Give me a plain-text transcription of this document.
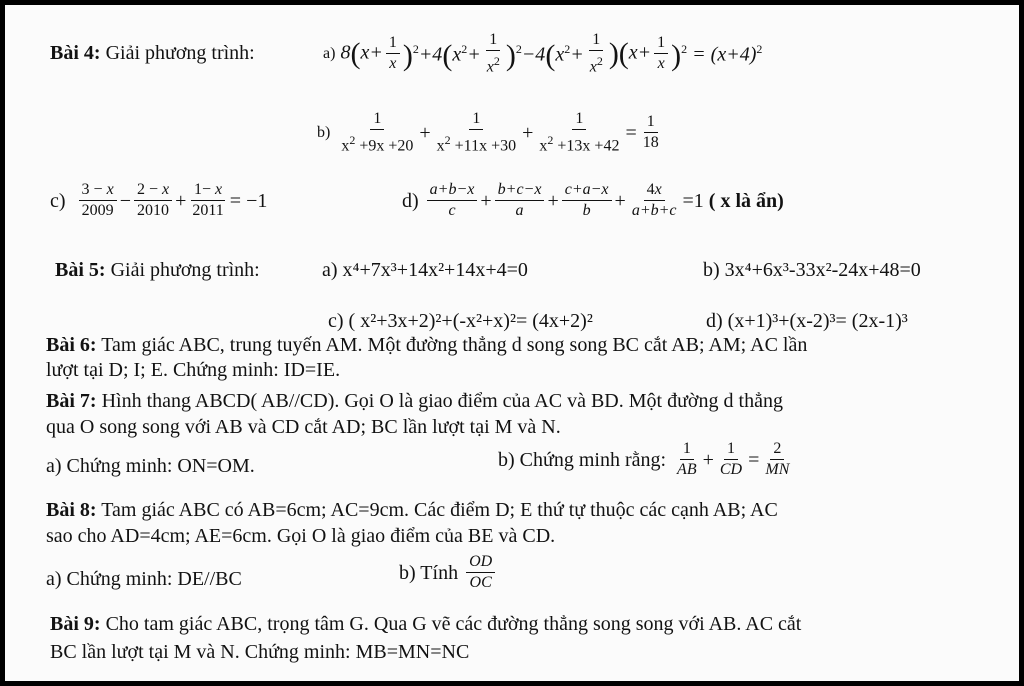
Bài 4: Giải phương trình:	a)
$8(x+ \frac{1}{x} )^2+4(x^2+ \frac{1}{x^2} )^2-4(x^2+ \frac{1}{x^2} )(x+ \frac{1}{x} )^2 = (x+4)^2$
b)

1
$x^2 +9x +20$
+
1
$x^2 +11x +30$
+
1
$x^2 +13x +42$
= 1
18
c)
3 − x
2009 − 2 − x
$2010 + \frac{1- x}{2011} = -1$	d)
a+b−x
c + b+c−x
a + c+a−x
$b + \frac{4x}{a+b+c} =1$ ( x là ẩn)
Bài 5: Giải phương trình:	a) x⁴+7x³+14x²+14x+4=0	b) 3x⁴+6x³-33x²-24x+48=0
c) ( x²+3x+2)²+(-x²+x)²= (4x+2)²	d) (x+1)³+(x-2)³= (2x-1)³
Bài 6: Tam giác ABC, trung tuyến AM. Một đường thẳng d song song BC cắt AB; AM; AC lần
lượt tại D; I; E. Chứng minh: ID=IE.
Bài 7: Hình thang ABCD( AB//CD). Gọi O là giao điểm của AC và BD. Một đường d thẳng
qua O song song với AB và CD cắt AD; BC lần lượt tại M và N.
a) Chứng minh: ON=OM.	b) Chứng minh rằng:
1
AB + 1
CD = 2
MN
Bài 8: Tam giác ABC có AB=6cm; AC=9cm. Các điểm D; E thứ tự thuộc các cạnh AB; AC
sao cho AD=4cm; AE=6cm. Gọi O là giao điểm của BE và CD.
a) Chứng minh: DE//BC	b) Tính
OD
OC
Bài 9: Cho tam giác ABC, trọng tâm G. Qua G vẽ các đường thẳng song song với AB. AC cắt
BC lần lượt tại M và N. Chứng minh: MB=MN=NC
